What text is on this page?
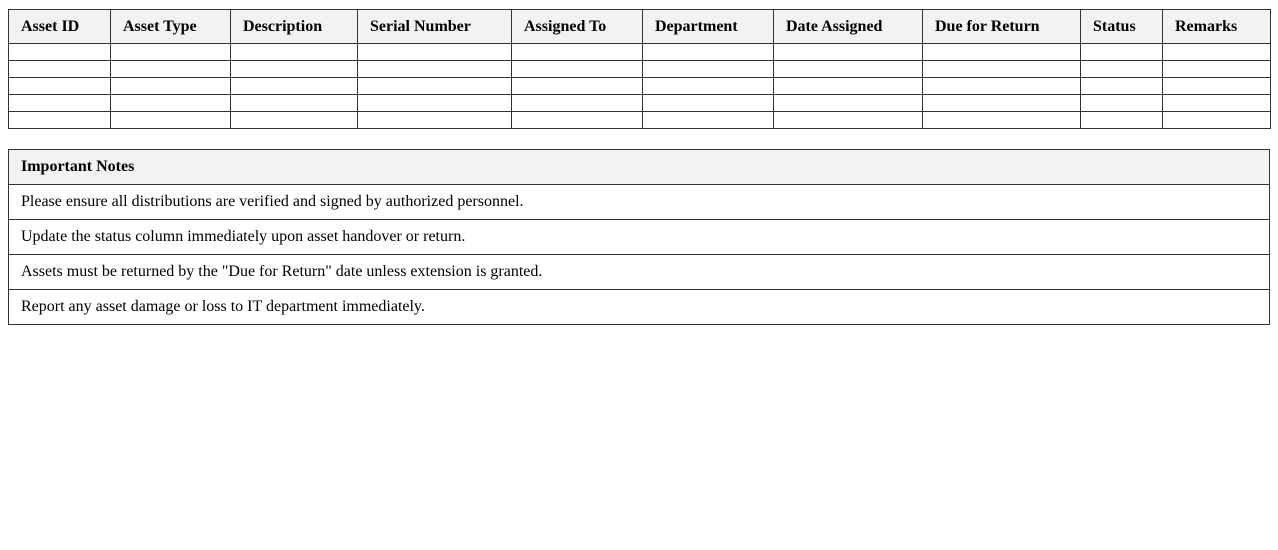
Asset ID	Asset Type	Description	Serial Number	Assigned To	Department	Date Assigned	Due for Return	Status	Remarks

Important Notes
Please ensure all distributions are verified and signed by authorized personnel.
Update the status column immediately upon asset handover or return.
Assets must be returned by the "Due for Return" date unless extension is granted.
Report any asset damage or loss to IT department immediately.
